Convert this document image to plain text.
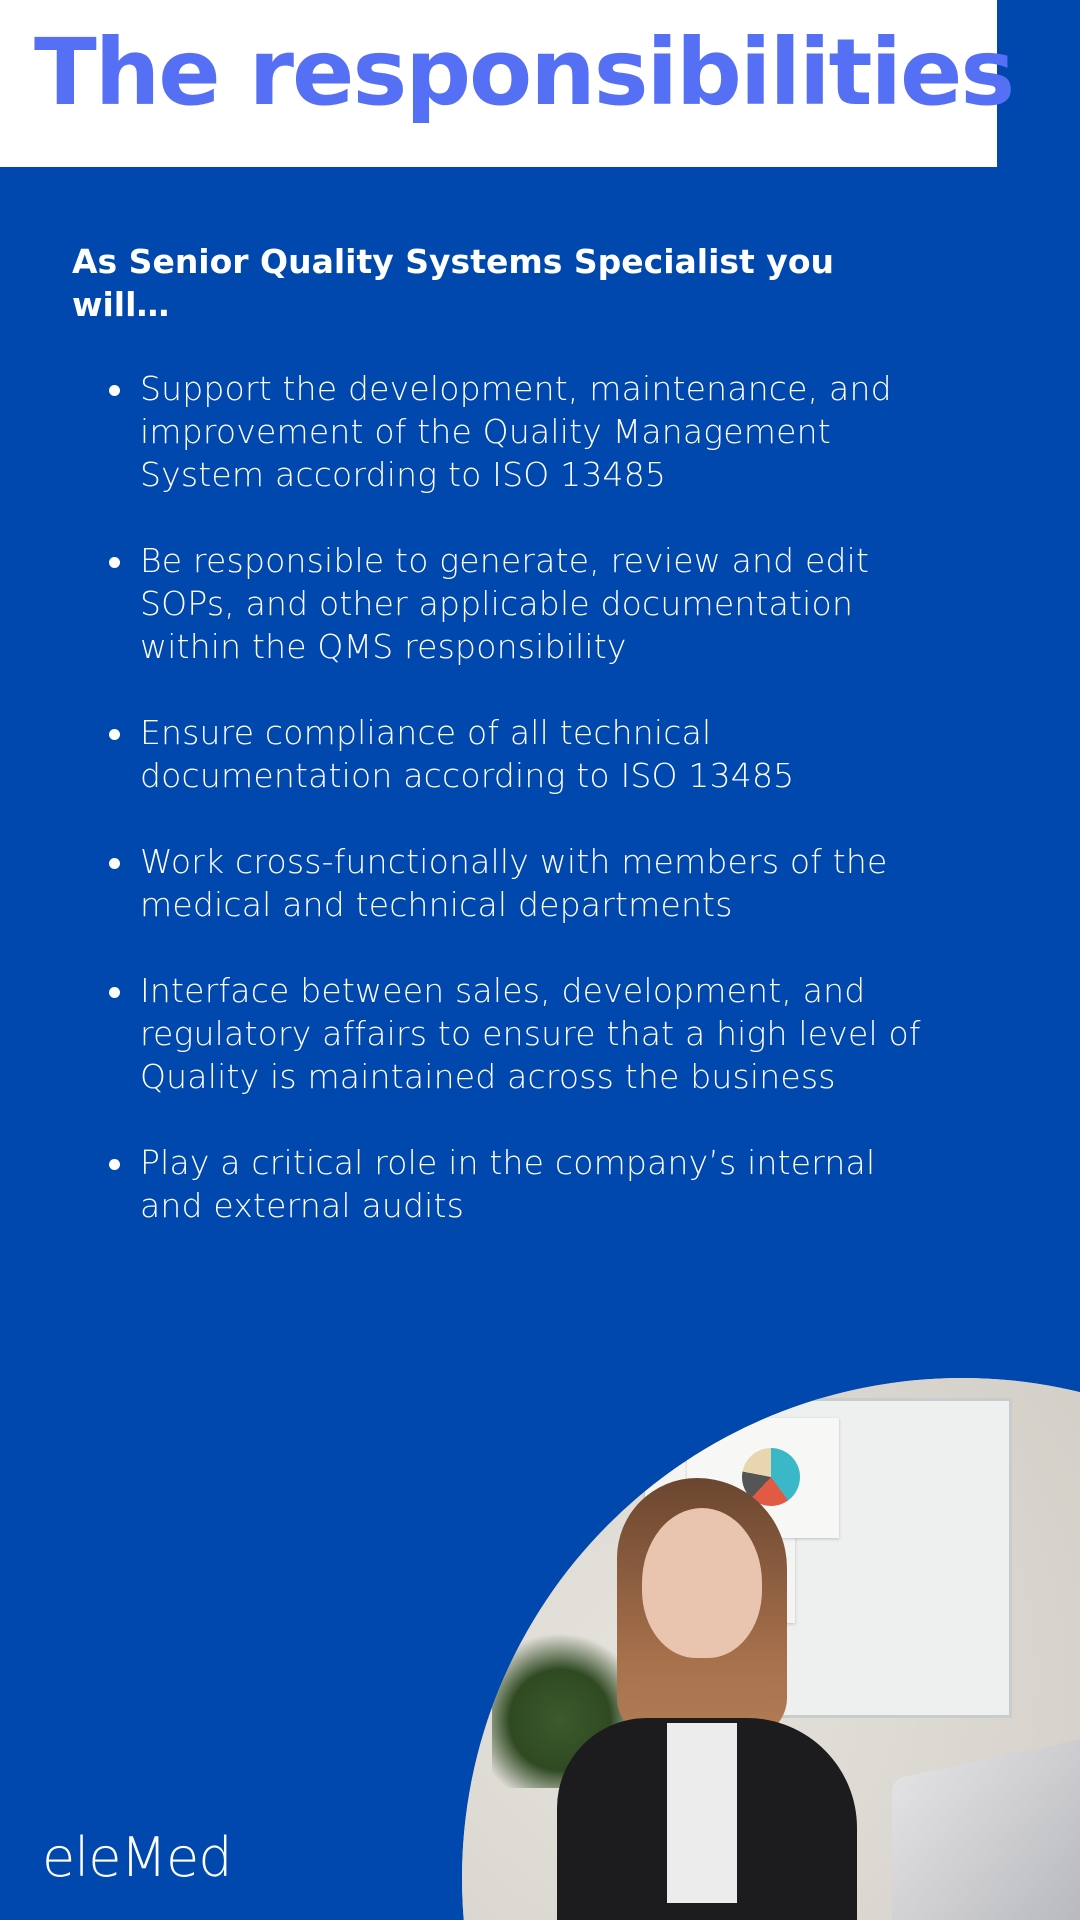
The responsibilities

As Senior Quality Systems Specialist you will…

Support the development, maintenance, and improvement of the Quality Management System according to ISO 13485
Be responsible to generate, review and edit SOPs, and other applicable documentation within the QMS responsibility
Ensure compliance of all technical documentation according to ISO 13485
Work cross-functionally with members of the medical and technical departments
Interface between sales, development, and regulatory affairs to ensure that a high level of Quality is maintained across the business
Play a critical role in the company’s internal and external audits
eleMed
